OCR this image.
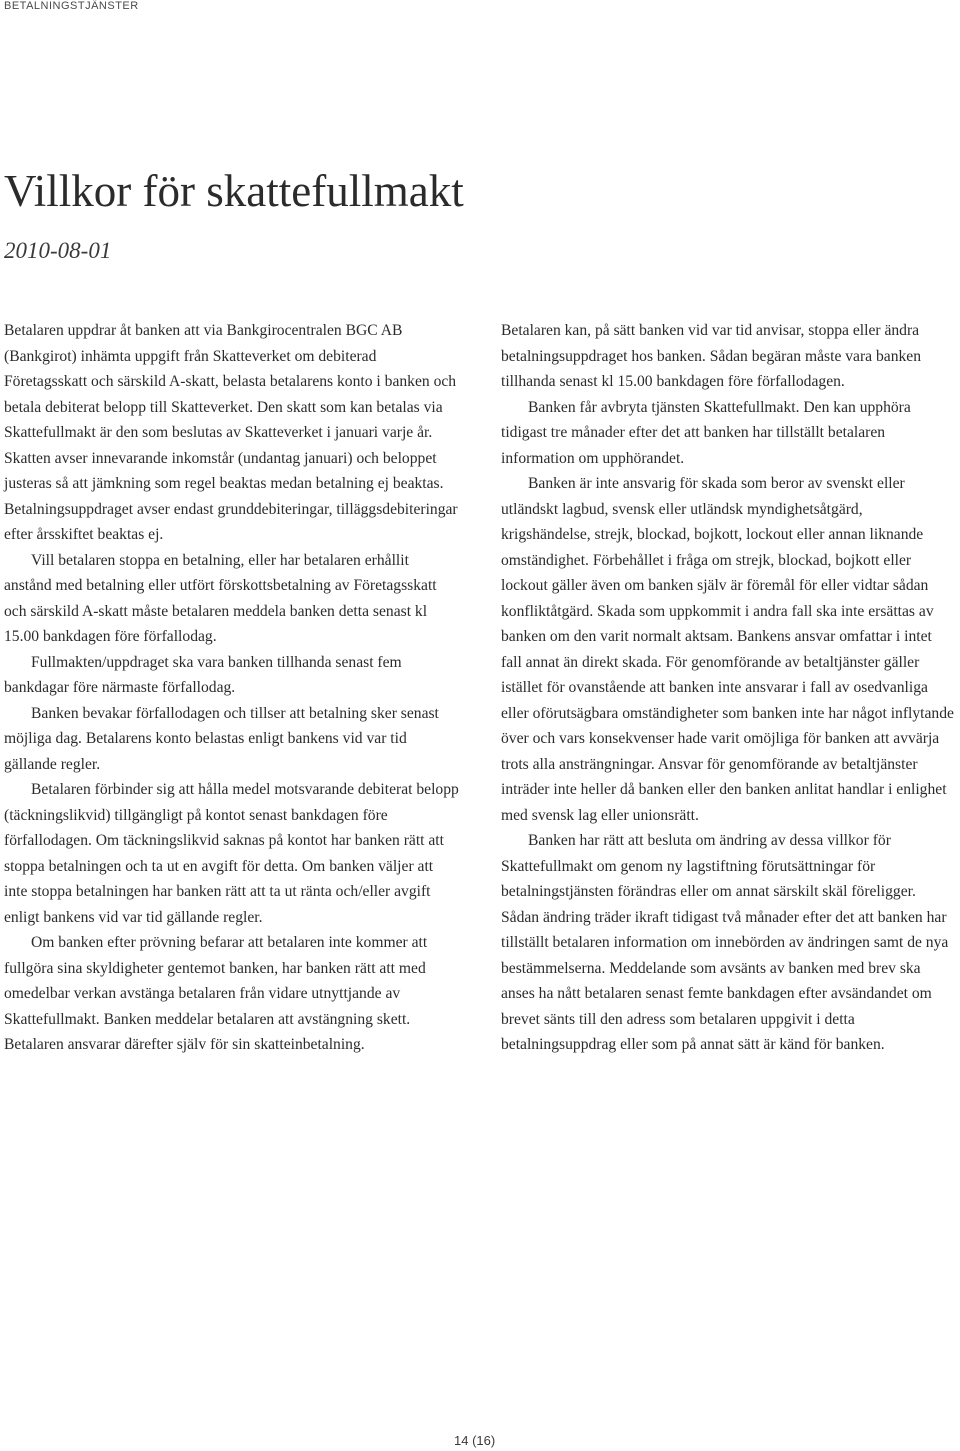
BETALNINGSTJÄNSTER
Villkor för skattefullmakt
2010-08-01

Betalaren uppdrar åt banken att via Bankgirocentralen BGC AB (Bankgirot) inhämta uppgift från Skatteverket om debiterad Företagsskatt och särskild A-skatt, belasta betalarens konto i banken och betala debiterat belopp till Skatteverket. Den skatt som kan betalas via Skattefullmakt är den som beslutas av Skatteverket i januari varje år. Skatten avser innevarande inkomstår (undantag januari) och beloppet justeras så att jämkning som regel beaktas medan betalning ej beaktas. Betalningsuppdraget avser endast grunddebiteringar, tilläggsdebiteringar efter årsskiftet beaktas ej.

Vill betalaren stoppa en betalning, eller har betalaren erhållit anstånd med betalning eller utfört förskottsbetalning av Företagsskatt och särskild A-skatt måste betalaren meddela banken detta senast kl 15.00 bankdagen före förfallodag.

Fullmakten/uppdraget ska vara banken tillhanda senast fem bankdagar före närmaste förfallodag.

Banken bevakar förfallodagen och tillser att betalning sker senast möjliga dag. Betalarens konto belastas enligt bankens vid var tid gällande regler.

Betalaren förbinder sig att hålla medel motsvarande debiterat belopp (täckningslikvid) tillgängligt på kontot senast bankdagen före förfallodagen. Om täckningslikvid saknas på kontot har banken rätt att stoppa betalningen och ta ut en avgift för detta. Om banken väljer att inte stoppa betalningen har banken rätt att ta ut ränta och/eller avgift enligt bankens vid var tid gällande regler.

Om banken efter prövning befarar att betalaren inte kommer att fullgöra sina skyldigheter gentemot banken, har banken rätt att med omedelbar verkan avstänga betalaren från vidare utnyttjande av Skattefullmakt. Banken meddelar betalaren att avstängning skett. Betalaren ansvarar därefter själv för sin skatteinbetalning.

Betalaren kan, på sätt banken vid var tid anvisar, stoppa eller ändra betalningsuppdraget hos banken. Sådan begäran måste vara banken tillhanda senast kl 15.00 bankdagen före förfallodagen.

Banken får avbryta tjänsten Skattefullmakt. Den kan upphöra tidigast tre månader efter det att banken har tillställt betalaren information om upphörandet.

Banken är inte ansvarig för skada som beror av svenskt eller utländskt lagbud, svensk eller utländsk myndighetsåtgärd, krigshändelse, strejk, blockad, bojkott, lockout eller annan liknande omständighet. Förbehållet i fråga om strejk, blockad, bojkott eller lockout gäller även om banken själv är föremål för eller vidtar sådan konfliktåtgärd. Skada som uppkommit i andra fall ska inte ersättas av banken om den varit normalt aktsam. Bankens ansvar omfattar i intet fall annat än direkt skada. För genomförande av betaltjänster gäller istället för ovanstående att banken inte ansvarar i fall av osedvanliga eller oförutsägbara omständigheter som banken inte har något inflytande över och vars konsekvenser hade varit omöjliga för banken att avvärja trots alla ansträngningar. Ansvar för genomförande av betaltjänster inträder inte heller då banken eller den banken anlitat handlar i enlighet med svensk lag eller unionsrätt.

Banken har rätt att besluta om ändring av dessa villkor för Skattefullmakt om genom ny lagstiftning förutsättningar för betalningstjänsten förändras eller om annat särskilt skäl föreligger. Sådan ändring träder ikraft tidigast två månader efter det att banken har tillställt betalaren information om innebörden av ändringen samt de nya bestämmelserna. Meddelande som avsänts av banken med brev ska anses ha nått betalaren senast femte bankdagen efter avsändandet om brevet sänts till den adress som betalaren uppgivit i detta betalningsuppdrag eller som på annat sätt är känd för banken.

14 (16)
